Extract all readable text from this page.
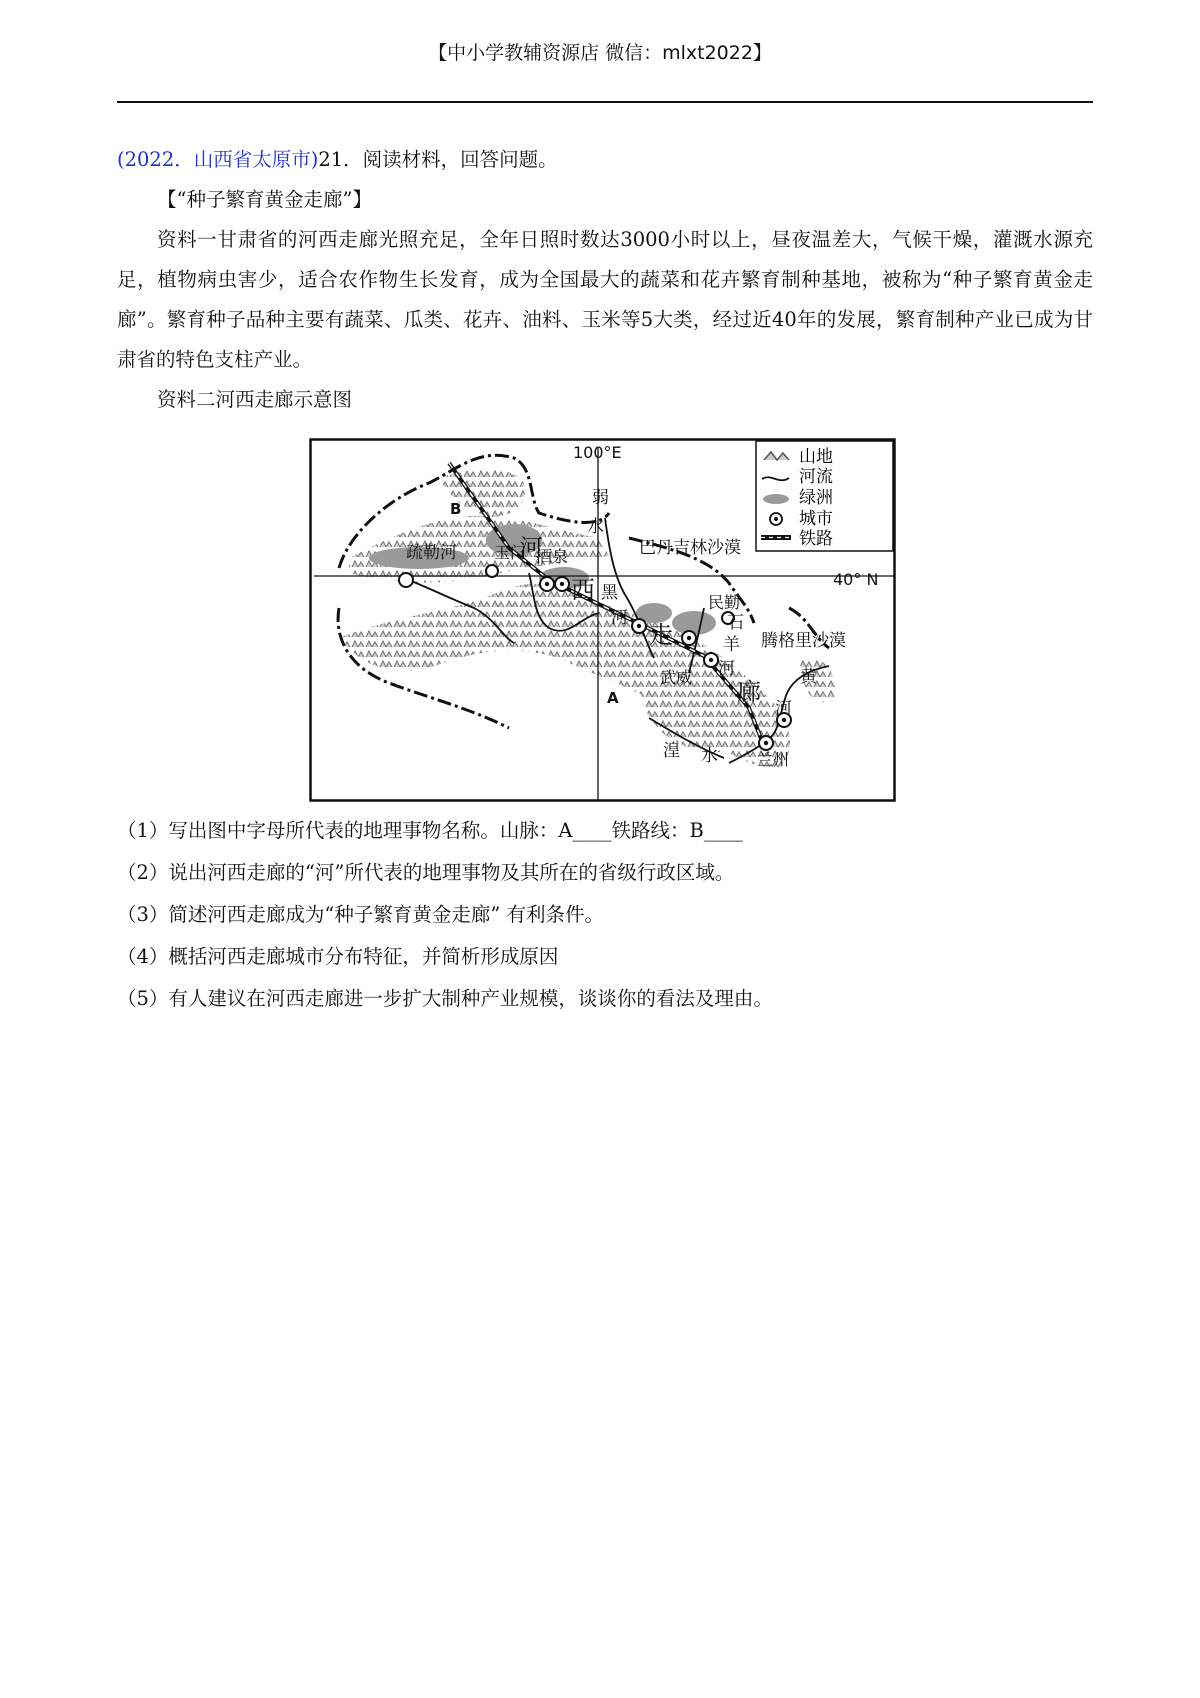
【中小学教辅资源店 微信：mlxt2022】

(2022．山西省太原市)21．阅读材料，回答问题。

【“种子繁育黄金走廊”】

资料一甘肃省的河西走廊光照充足，全年日照时数达3000小时以上，昼夜温差大，气候干燥，灌溉水源充足，植物病虫害少，适合农作物生长发育，成为全国最大的蔬菜和花卉繁育制种基地，被称为“种子繁育黄金走廊”。繁育种子品种主要有蔬菜、瓜类、花卉、油料、玉米等5大类，经过近40年的发展，繁育制种产业已成为甘肃省的特色支柱产业。

资料二河西走廊示意图

山地
河流
绿洲
城市
铁路
100°E
40° N
B
A
疏勒河 玉门 酒泉	巴丹吉林沙漠
腾格里沙漠
民勤
武威
兰州
弱
水
黑
河	石
羊
河	黄
河
湟 水
河
西
走
廊

（1）写出图中字母所代表的地理事物名称。山脉：A____铁路线：B____

（2）说出河西走廊的“河”所代表的地理事物及其所在的省级行政区域。

（3）简述河西走廊成为“种子繁育黄金走廊” 有利条件。

（4）概括河西走廊城市分布特征，并简析形成原因

（5）有人建议在河西走廊进一步扩大制种产业规模，谈谈你的看法及理由。
